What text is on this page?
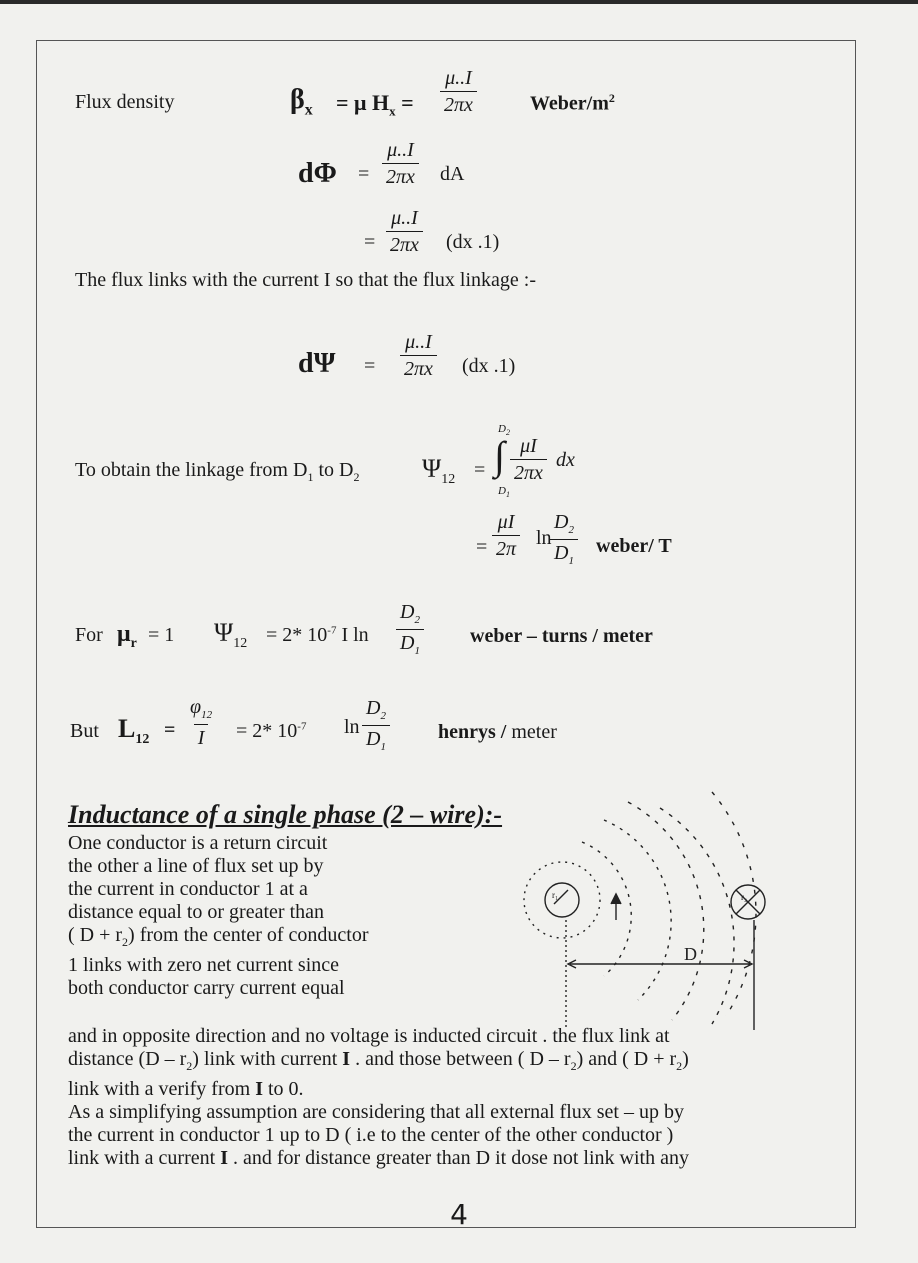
Flux density	$\beta_x = \mu$ $H_x = \frac{\mu..I}{2\pi x}$	Weber/$m^2$
$d\Phi = \frac{\mu..I}{2\pi x}$ dA
= $\frac{\mu..I}{2\pi x} (dx$ .1)
The flux links with the current I so that the flux linkage :-
$d\Psi = \frac{\mu..I}{2\pi x} (dx$ .1)
To obtain the linkage from $D_1$ to $D_2$ $\Psi_{12}$ =
$D_2$
∫
$D_1$
$\frac{\mu I}{2\pi x}$ dx
= $\frac{\mu I}{2\pi}$ ln
$\frac{D_2}{D_1}$ weber/ T
For $\mu_r = 1$ $\Psi_{12} = 2*$ $10^{-7}$ I $\ln \frac{D_2}{D_1}$ weber – turns / meter
But $L_{12} = \frac{\varphi_{12}}{I} = 2*$ $10^{-7}$ $\ln \frac{D_2}{D_1}$ henrys / meter
Inductance of a single phase (2 – wire):-
One conductor is a return circuit
the other a line of flux set up by
the current in conductor 1 at a
distance equal to or greater than
( $D + r_2$) from the center of conductor
1 links with zero net current since
both conductor carry current equal
and in opposite direction and no voltage is inducted circuit . the flux link at
distance $(D - r_2)$ link with current I . and those between ( D – $r_2$) and ( $D + r_2$)
link with a verify from I to 0.
As a simplifying assumption are considering that all external flux set – up by
the current in conductor 1 up to D ( i.e to the center of the other conductor )
link with a current I . and for distance greater than D it dose not link with any
D
r₁	r₂
4
